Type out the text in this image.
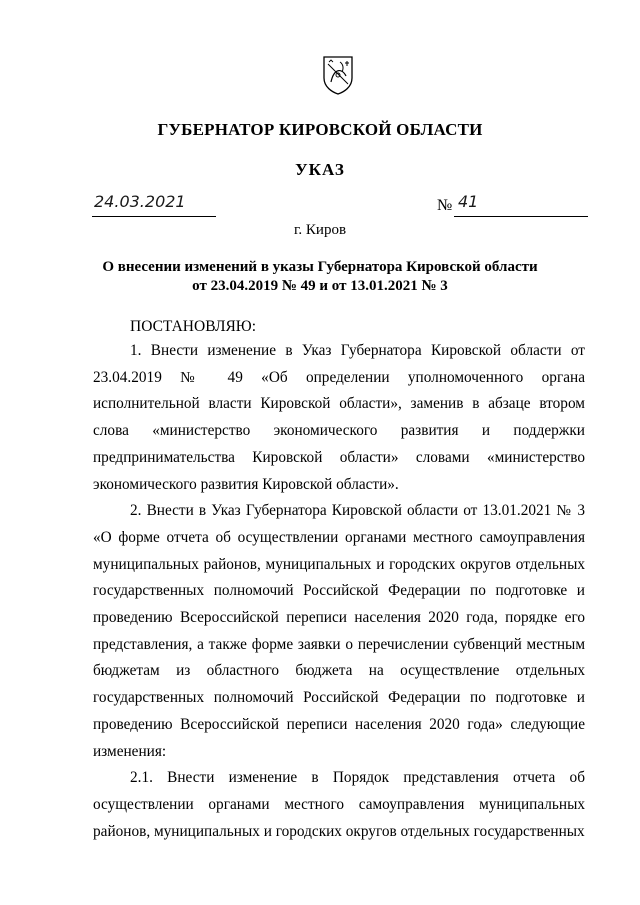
ГУБЕРНАТОР КИРОВСКОЙ ОБЛАСТИ
УКАЗ
24.03.2021	№ 41
г. Киров
О внесении изменений в указы Губернатора Кировской области
от 23.04.2019 № 49 и от 13.01.2021 № 3
ПОСТАНОВЛЯЮ:

1. Внести изменение в Указ Губернатора Кировской области от 23.04.2019 № 49 «Об определении уполномоченного органа исполнительной власти Кировской области», заменив в абзаце втором слова «министерство экономического развития и поддержки предпринимательства Кировской области» словами «министерство экономического развития Кировской области».

2. Внести в Указ Губернатора Кировской области от 13.01.2021 № 3 «О форме отчета об осуществлении органами местного самоуправления муниципальных районов, муниципальных и городских округов отдельных государственных полномочий Российской Федерации по подготовке и проведению Всероссийской переписи населения 2020 года, порядке его представления, а также форме заявки о перечислении субвенций местным бюджетам из областного бюджета на осуществление отдельных государственных полномочий Российской Федерации по подготовке и проведению Всероссийской переписи населения 2020 года» следующие изменения:

2.1. Внести изменение в Порядок представления отчета об осуществлении органами местного самоуправления муниципальных районов, муниципальных и городских округов отдельных государственных
